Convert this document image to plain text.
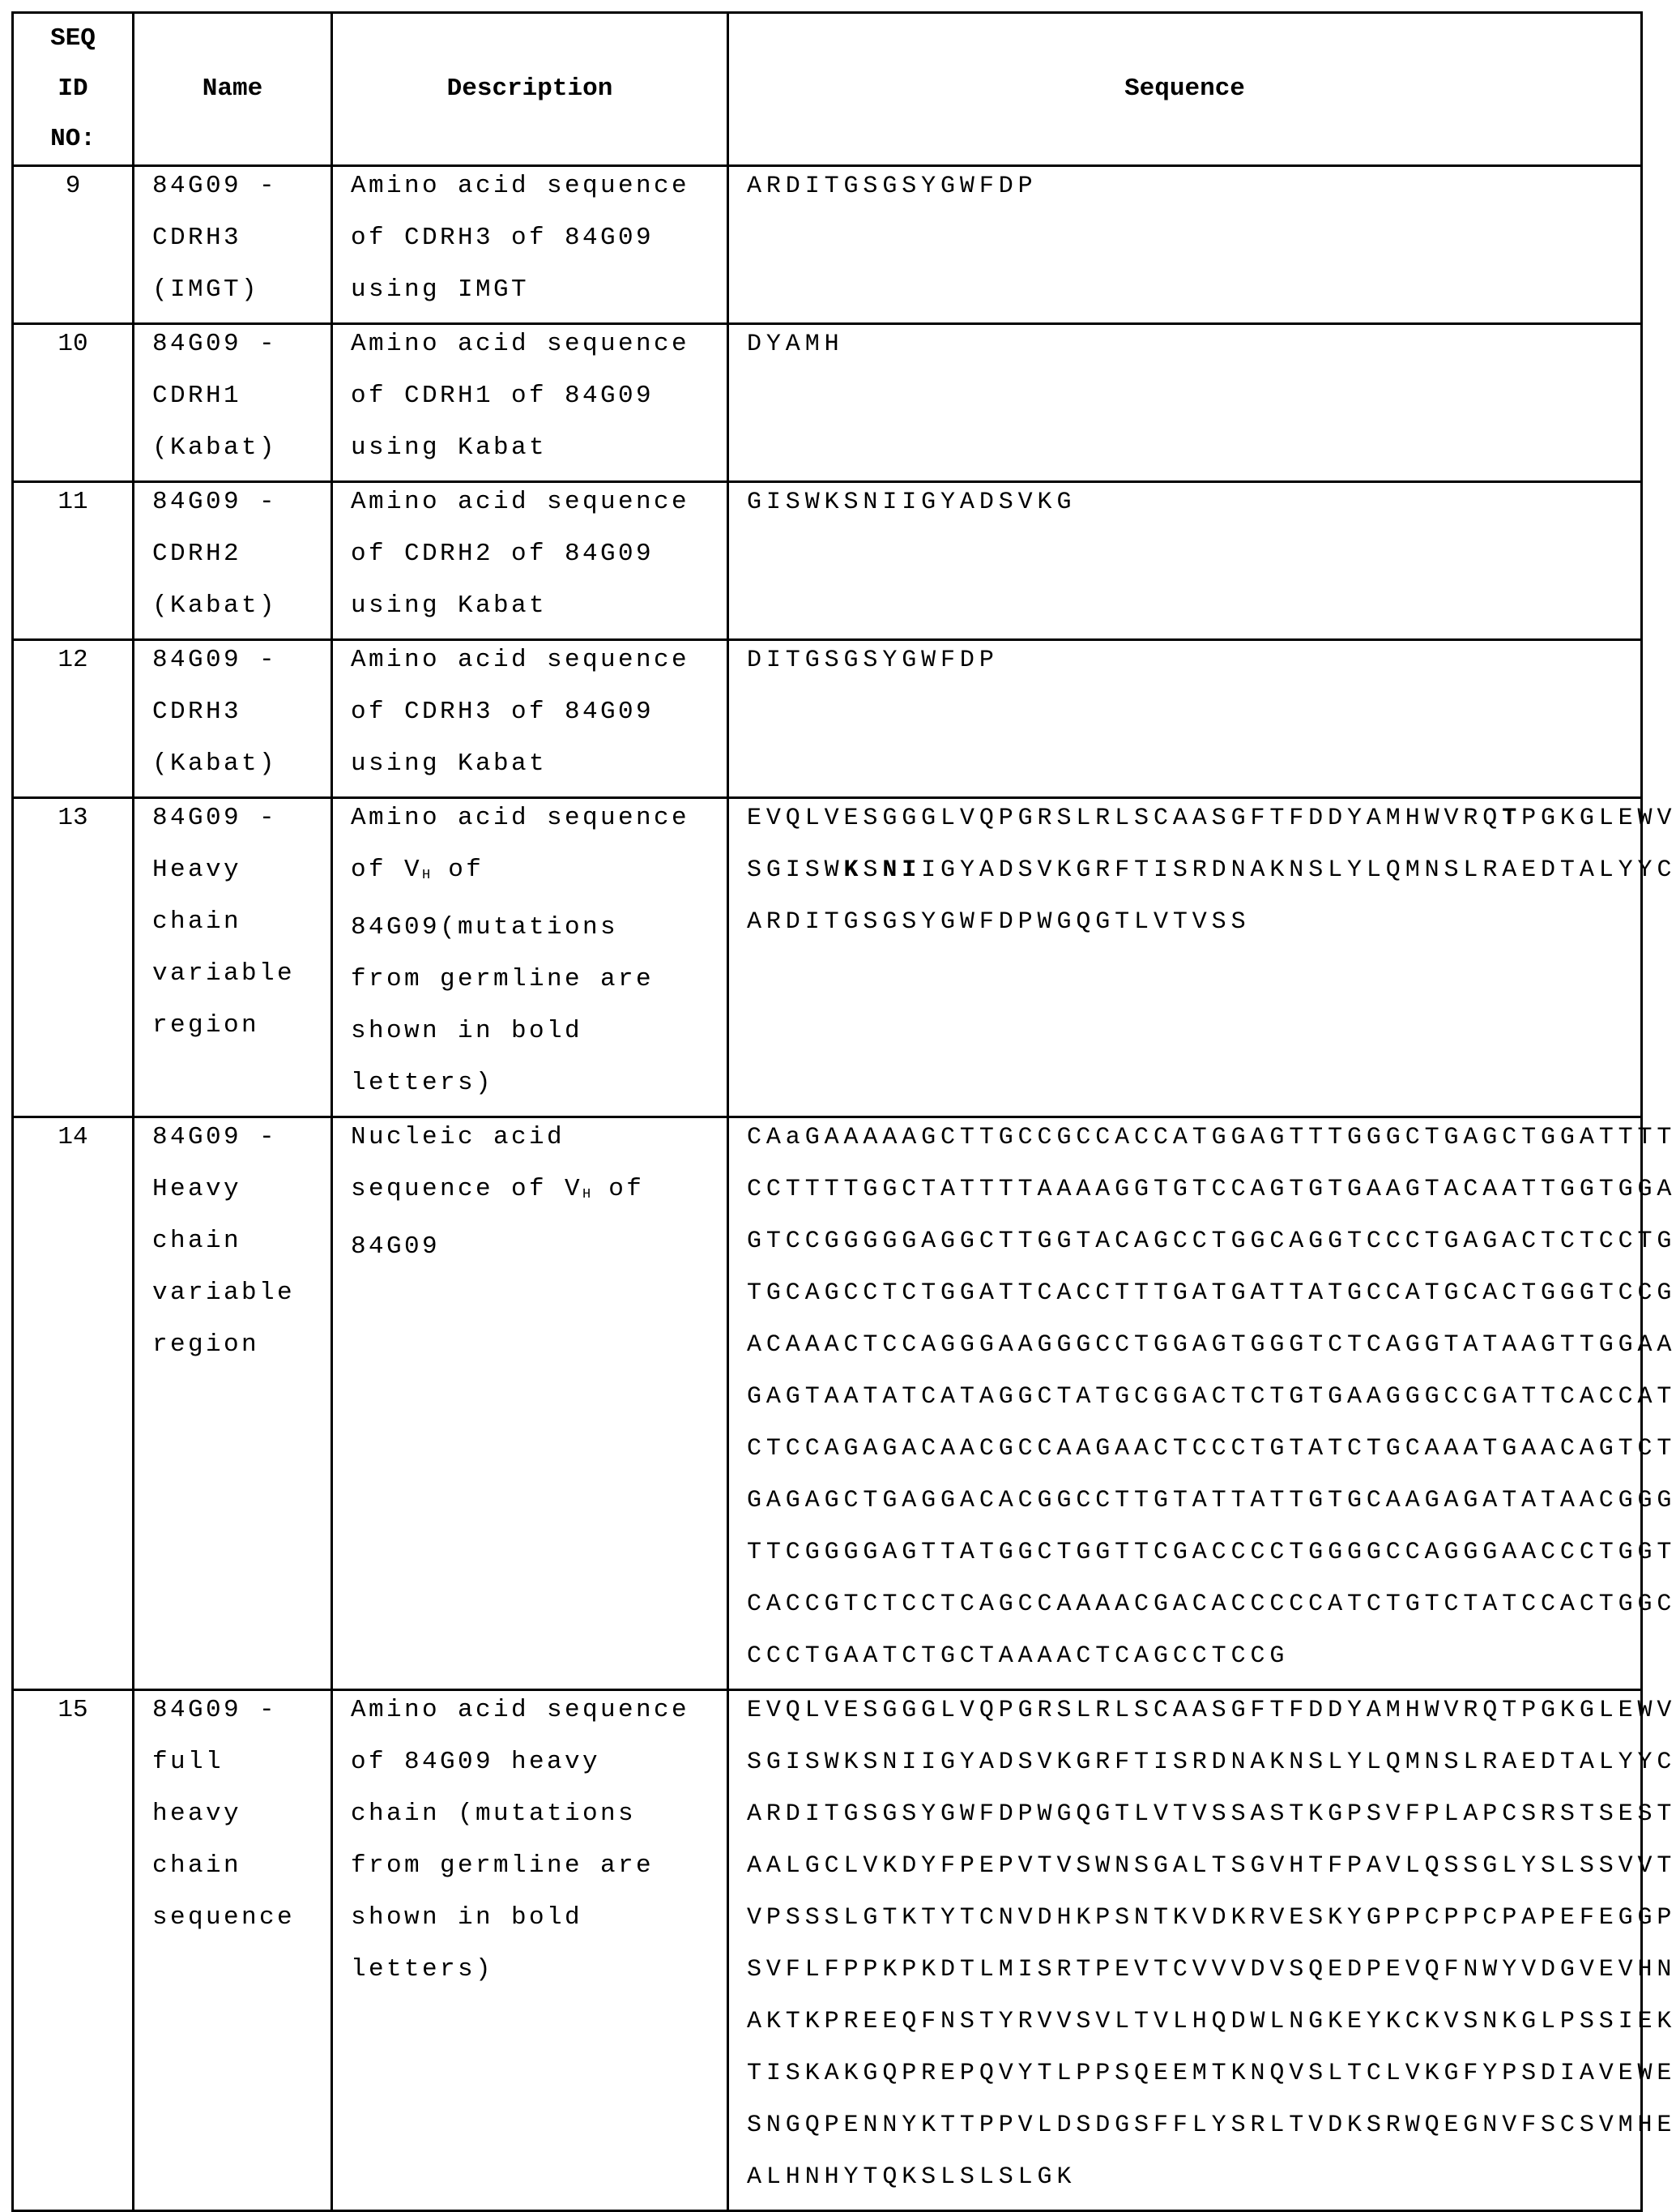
SEQ
ID
NO:
	Name	Description	Sequence

9	84G09 -
CDRH3
(IMGT)

Amino acid sequence
of CDRH3 of 84G09
using IMGT

ARDITGSGSYGWFDP

10	84G09 -
CDRH1
(Kabat)

Amino acid sequence
of CDRH1 of 84G09
using Kabat

DYAMH

11	84G09 -
CDRH2
(Kabat)

Amino acid sequence
of CDRH2 of 84G09
using Kabat

GISWKSNIIGYADSVKG

12	84G09 -
CDRH3
(Kabat)

Amino acid sequence
of CDRH3 of 84G09
using Kabat

DITGSGSYGWFDP

13	84G09 -
Heavy
chain
variable
region

Amino acid sequence
of VH of
84G09(mutations
from germline are
shown in bold
letters)

EVQLVESGGGLVQPGRSLRLSCAASGFTFDDYAMHWVRQTPGKGLEWV
SGISWKSNIIGYADSVKGRFTISRDNAKNSLYLQMNSLRAEDTALYYC
ARDITGSGSYGWFDPWGQGTLVTVSS

14	84G09 -
Heavy
chain
variable
region

Nucleic acid
sequence of VH of
84G09

CAaGAAAAAGCTTGCCGCCACCATGGAGTTTGGGCTGAGCTGGATTTT
CCTTTTGGCTATTTTAAAAGGTGTCCAGTGTGAAGTACAATTGGTGGA
GTCCGGGGGAGGCTTGGTACAGCCTGGCAGGTCCCTGAGACTCTCCTG
TGCAGCCTCTGGATTCACCTTTGATGATTATGCCATGCACTGGGTCCG
ACAAACTCCAGGGAAGGGCCTGGAGTGGGTCTCAGGTATAAGTTGGAA
GAGTAATATCATAGGCTATGCGGACTCTGTGAAGGGCCGATTCACCAT
CTCCAGAGACAACGCCAAGAACTCCCTGTATCTGCAAATGAACAGTCT
GAGAGCTGAGGACACGGCCTTGTATTATTGTGCAAGAGATATAACGGG
TTCGGGGAGTTATGGCTGGTTCGACCCCTGGGGCCAGGGAACCCTGGT
CACCGTCTCCTCAGCCAAAACGACACCCCCATCTGTCTATCCACTGGC
CCCTGAATCTGCTAAAACTCAGCCTCCG

15	84G09 -
full
heavy
chain
sequence

Amino acid sequence
of 84G09 heavy
chain (mutations
from germline are
shown in bold
letters)

EVQLVESGGGLVQPGRSLRLSCAASGFTFDDYAMHWVRQTPGKGLEWV
SGISWKSNIIGYADSVKGRFTISRDNAKNSLYLQMNSLRAEDTALYYC
ARDITGSGSYGWFDPWGQGTLVTVSSASTKGPSVFPLAPCSRSTSEST
AALGCLVKDYFPEPVTVSWNSGALTSGVHTFPAVLQSSGLYSLSSVVT
VPSSSLGTKTYTCNVDHKPSNTKVDKRVESKYGPPCPPCPAPEFEGGP
SVFLFPPKPKDTLMISRTPEVTCVVVDVSQEDPEVQFNWYVDGVEVHN
AKTKPREEQFNSTYRVVSVLTVLHQDWLNGKEYKCKVSNKGLPSSIEK
TISKAKGQPREPQVYTLPPSQEEMTKNQVSLTCLVKGFYPSDIAVEWE
SNGQPENNYKTTPPVLDSDGSFFLYSRLTVDKSRWQEGNVFSCSVMHE
ALHNHYTQKSLSLSLGK
